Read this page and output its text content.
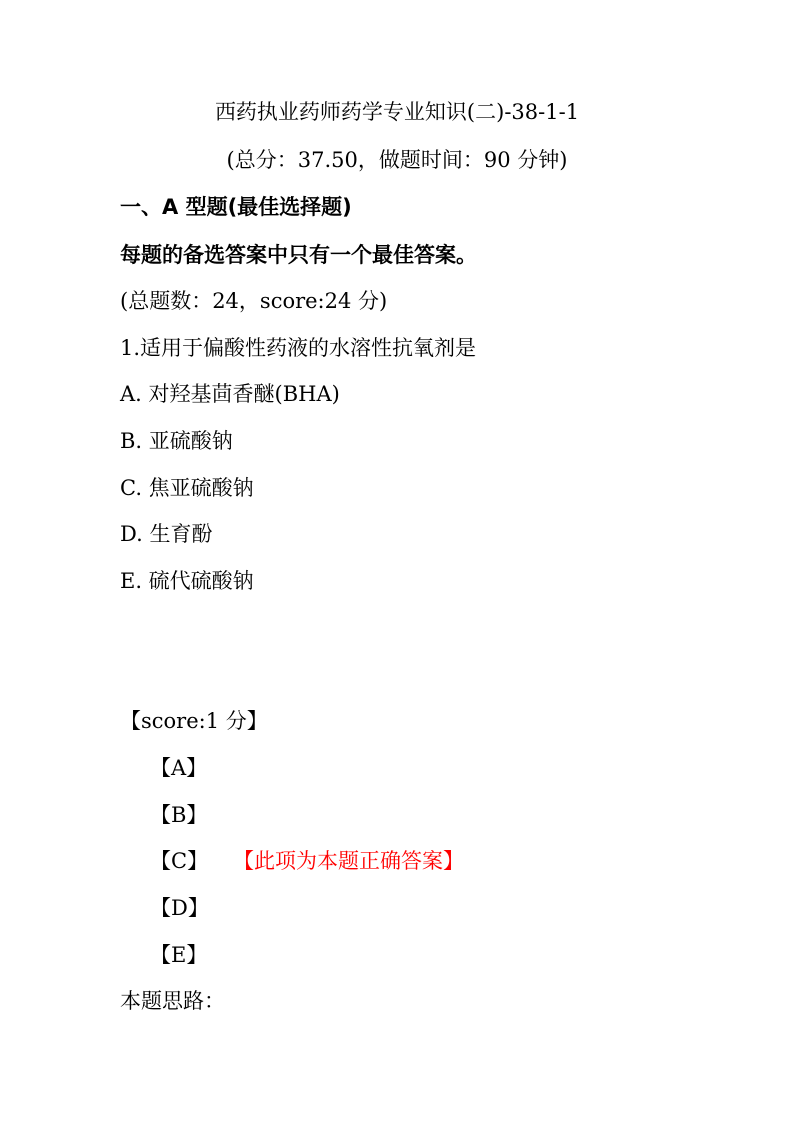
西药执业药师药学专业知识(二)-38-1-1
(总分：37.50，做题时间：90 分钟)
一、A 型题(最佳选择题)
每题的备选答案中只有一个最佳答案。
(总题数：24，score:24 分)
1.适用于偏酸性药液的水溶性抗氧剂是
A. 对羟基茴香醚(BHA)
B. 亚硫酸钠
C. 焦亚硫酸钠
D. 生育酚
E. 硫代硫酸钠
【score:1 分】
【A】
【B】
【C】 【此项为本题正确答案】
【D】
【E】
本题思路：
